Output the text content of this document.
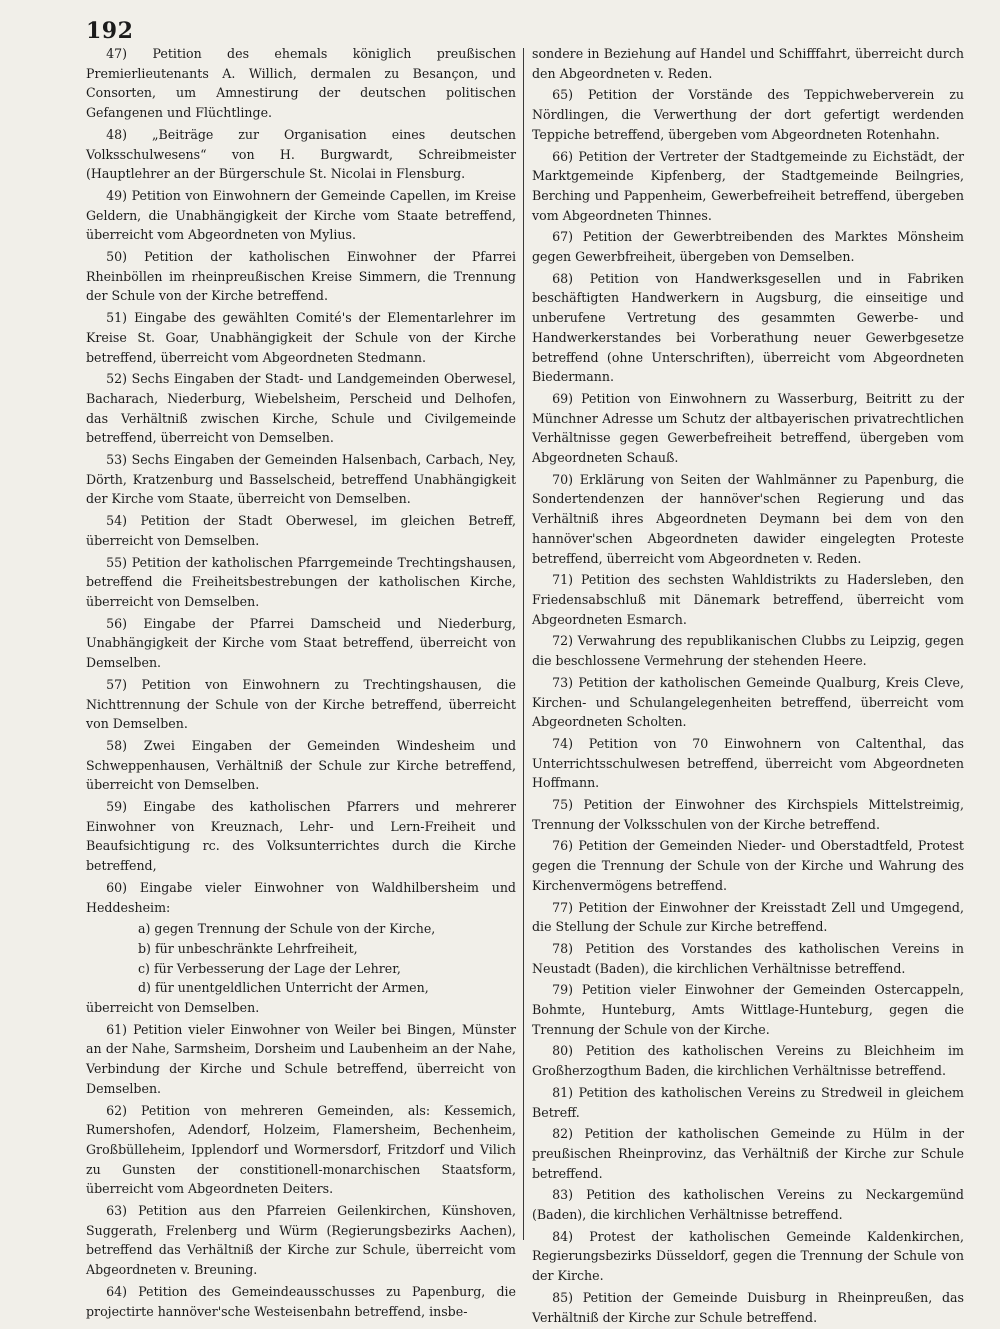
192

47) Petition des ehemals königlich preußischen Premierlieutenants A. Willich, dermalen zu Besançon, und Consorten, um Amnestirung der deutschen politischen Gefangenen und Flüchtlinge.

48) „Beiträge zur Organisation eines deutschen Volksschulwesens“ von H. Burgwardt, Schreibmeister (Hauptlehrer an der Bürgerschule St. Nicolai in Flensburg.

49) Petition von Einwohnern der Gemeinde Capellen, im Kreise Geldern, die Unabhängigkeit der Kirche vom Staate betreffend, überreicht vom Abgeordneten von Mylius.

50) Petition der katholischen Einwohner der Pfarrei Rheinböllen im rheinpreußischen Kreise Simmern, die Trennung der Schule von der Kirche betreffend.

51) Eingabe des gewählten Comité's der Elementarlehrer im Kreise St. Goar, Unabhängigkeit der Schule von der Kirche betreffend, überreicht vom Abgeordneten Stedmann.

52) Sechs Eingaben der Stadt- und Landgemeinden Oberwesel, Bacharach, Niederburg, Wiebelsheim, Perscheid und Delhofen, das Verhältniß zwischen Kirche, Schule und Civilgemeinde betreffend, überreicht von Demselben.

53) Sechs Eingaben der Gemeinden Halsenbach, Carbach, Ney, Dörth, Kratzenburg und Basselscheid, betreffend Unabhängigkeit der Kirche vom Staate, überreicht von Demselben.

54) Petition der Stadt Oberwesel, im gleichen Betreff, überreicht von Demselben.

55) Petition der katholischen Pfarrgemeinde Trechtingshausen, betreffend die Freiheitsbestrebungen der katholischen Kirche, überreicht von Demselben.

56) Eingabe der Pfarrei Damscheid und Niederburg, Unabhängigkeit der Kirche vom Staat betreffend, überreicht von Demselben.

57) Petition von Einwohnern zu Trechtingshausen, die Nichttrennung der Schule von der Kirche betreffend, überreicht von Demselben.

58) Zwei Eingaben der Gemeinden Windesheim und Schweppenhausen, Verhältniß der Schule zur Kirche betreffend, überreicht von Demselben.

59) Eingabe des katholischen Pfarrers und mehrerer Einwohner von Kreuznach, Lehr- und Lern-Freiheit und Beaufsichtigung rc. des Volksunterrichtes durch die Kirche betreffend,

60) Eingabe vieler Einwohner von Waldhilbersheim und Heddesheim:

a) gegen Trennung der Schule von der Kirche,
b) für unbeschränkte Lehrfreiheit,
c) für Verbesserung der Lage der Lehrer,
d) für unentgeldlichen Unterricht der Armen,

überreicht von Demselben.

61) Petition vieler Einwohner von Weiler bei Bingen, Münster an der Nahe, Sarmsheim, Dorsheim und Laubenheim an der Nahe, Verbindung der Kirche und Schule betreffend, überreicht von Demselben.

62) Petition von mehreren Gemeinden, als: Kessemich, Rumershofen, Adendorf, Holzeim, Flamersheim, Bechenheim, Großbülleheim, Ipplendorf und Wormersdorf, Fritzdorf und Vilich zu Gunsten der constitionell-monarchischen Staatsform, überreicht vom Abgeordneten Deiters.

63) Petition aus den Pfarreien Geilenkirchen, Künshoven, Suggerath, Frelenberg und Würm (Regierungsbezirks Aachen), betreffend das Verhältniß der Kirche zur Schule, überreicht vom Abgeordneten v. Breuning.

64) Petition des Gemeindeausschusses zu Papenburg, die projectirte hannöver'sche Westeisenbahn betreffend, insbe-

sondere in Beziehung auf Handel und Schifffahrt, überreicht durch den Abgeordneten v. Reden.

65) Petition der Vorstände des Teppichweberverein zu Nördlingen, die Verwerthung der dort gefertigt werdenden Teppiche betreffend, übergeben vom Abgeordneten Rotenhahn.

66) Petition der Vertreter der Stadtgemeinde zu Eichstädt, der Marktgemeinde Kipfenberg, der Stadtgemeinde Beilngries, Berching und Pappenheim, Gewerbefreiheit betreffend, übergeben vom Abgeordneten Thinnes.

67) Petition der Gewerbtreibenden des Marktes Mönsheim gegen Gewerbfreiheit, übergeben von Demselben.

68) Petition von Handwerksgesellen und in Fabriken beschäftigten Handwerkern in Augsburg, die einseitige und unberufene Vertretung des gesammten Gewerbe- und Handwerkerstandes bei Vorberathung neuer Gewerbgesetze betreffend (ohne Unterschriften), überreicht vom Abgeordneten Biedermann.

69) Petition von Einwohnern zu Wasserburg, Beitritt zu der Münchner Adresse um Schutz der altbayerischen privatrechtlichen Verhältnisse gegen Gewerbefreiheit betreffend, übergeben vom Abgeordneten Schauß.

70) Erklärung von Seiten der Wahlmänner zu Papenburg, die Sondertendenzen der hannöver'schen Regierung und das Verhältniß ihres Abgeordneten Deymann bei dem von den hannöver'schen Abgeordneten dawider eingelegten Proteste betreffend, überreicht vom Abgeordneten v. Reden.

71) Petition des sechsten Wahldistrikts zu Hadersleben, den Friedensabschluß mit Dänemark betreffend, überreicht vom Abgeordneten Esmarch.

72) Verwahrung des republikanischen Clubbs zu Leipzig, gegen die beschlossene Vermehrung der stehenden Heere.

73) Petition der katholischen Gemeinde Qualburg, Kreis Cleve, Kirchen- und Schulangelegenheiten betreffend, überreicht vom Abgeordneten Scholten.

74) Petition von 70 Einwohnern von Caltenthal, das Unterrichtsschulwesen betreffend, überreicht vom Abgeordneten Hoffmann.

75) Petition der Einwohner des Kirchspiels Mittelstreimig, Trennung der Volksschulen von der Kirche betreffend.

76) Petition der Gemeinden Nieder- und Oberstadtfeld, Protest gegen die Trennung der Schule von der Kirche und Wahrung des Kirchenvermögens betreffend.

77) Petition der Einwohner der Kreisstadt Zell und Umgegend, die Stellung der Schule zur Kirche betreffend.

78) Petition des Vorstandes des katholischen Vereins in Neustadt (Baden), die kirchlichen Verhältnisse betreffend.

79) Petition vieler Einwohner der Gemeinden Ostercappeln, Bohmte, Hunteburg, Amts Wittlage-Hunteburg, gegen die Trennung der Schule von der Kirche.

80) Petition des katholischen Vereins zu Bleichheim im Großherzogthum Baden, die kirchlichen Verhältnisse betreffend.

81) Petition des katholischen Vereins zu Stredweil in gleichem Betreff.

82) Petition der katholischen Gemeinde zu Hülm in der preußischen Rheinprovinz, das Verhältniß der Kirche zur Schule betreffend.

83) Petition des katholischen Vereins zu Neckargemünd (Baden), die kirchlichen Verhältnisse betreffend.

84) Protest der katholischen Gemeinde Kaldenkirchen, Regierungsbezirks Düsseldorf, gegen die Trennung der Schule von der Kirche.

85) Petition der Gemeinde Duisburg in Rheinpreußen, das Verhältniß der Kirche zur Schule betreffend.
